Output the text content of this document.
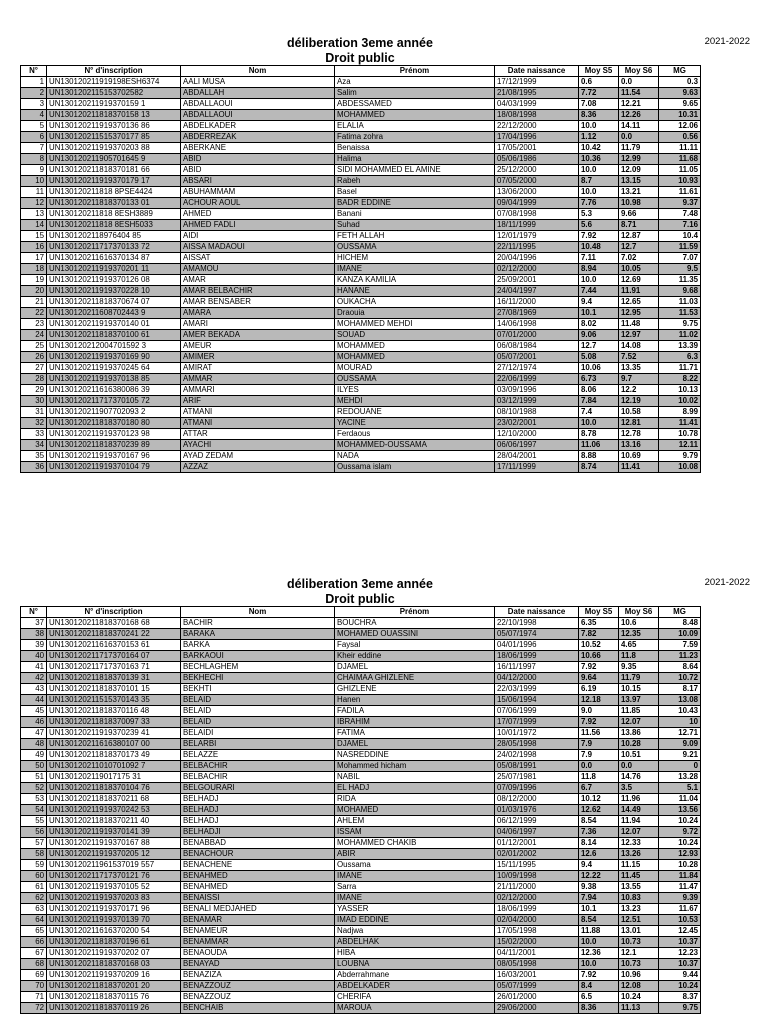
déliberation 3eme année
Droit public
2021-2022
N°	N° d'inscription	Nom	Prénom	Date naissance	Moy S5	Moy S6	MG
1	UN130120211919198ESH6374	AALI MUSA	Aza	17/12/1999	0.6	0.0	0.3
2	UN1301202115153702582	ABDALLAH	Salim	21/08/1995	7.72	11.54	9.63
3	UN130120211919370159 1	ABDALLAOUI	ABDESSAMED	04/03/1999	7.08	12.21	9.65
4	UN130120211818370158 13	ABDALLAOUI	MOHAMMED	18/08/1998	8.36	12.26	10.31
5	UN130120211919370136 86	ABDELKADER	ELALIA	22/12/2000	10.0	14.11	12.06
6	UN130120211515370177 85	ABDERREZAK	Fatima zohra	17/04/1996	1.12	0.0	0.56
7	UN130120211919370203 88	ABERKANE	Benaissa	17/05/2001	10.42	11.79	11.11
8	UN130120211905701645 9	ABID	Halima	05/06/1986	10.36	12.99	11.68
9	UN130120211818370181 66	ABID	SIDI MOHAMMED EL AMINE	25/12/2000	10.0	12.09	11.05
10	UN130120211919370179 17	ABSARI	Rabeh	07/05/2000	8.7	13.15	10.93
11	UN130120211818 8PSE4424	ABUHAMMAM	Basel	13/06/2000	10.0	13.21	11.61
12	UN130120211818370133 01	ACHOUR AOUL	BADR EDDINE	09/04/1999	7.76	10.98	9.37
13	UN130120211818 8ESH3889	AHMED	Banani	07/08/1998	5.3	9.66	7.48
14	UN130120211818 8ESH5033	AHMED FADLI	Suhad	18/11/1999	5.6	8.71	7.16
15	UN1301202118976404 85	AIDI	FETH ALLAH	12/01/1979	7.92	12.87	10.4
16	UN130120211717370133 72	AISSA MADAOUI	OUSSAMA	22/11/1995	10.48	12.7	11.59
17	UN130120211616370134 87	AISSAT	HICHEM	20/04/1996	7.11	7.02	7.07
18	UN130120211919370201 11	AMAMOU	IMANE	02/12/2000	8.94	10.05	9.5
19	UN130120211919370126 08	AMAR	KANZA KAMILIA	25/09/2001	10.0	12.69	11.35
20	UN130120211919370228 10	AMAR BELBACHIR	HANANE	24/04/1997	7.44	11.91	9.68
21	UN130120211818370674 07	AMAR BENSABER	OUKACHA	16/11/2000	9.4	12.65	11.03
22	UN130120211608702443 9	AMARA	Draouia	27/08/1969	10.1	12.95	11.53
23	UN130120211919370140 01	AMARI	MOHAMMED MEHDI	14/06/1998	8.02	11.48	9.75
24	UN130120211818370100 61	AMER BEKADA	SOUAD	07/01/2000	9.06	12.97	11.02
25	UN130120212004701592 3	AMEUR	MOHAMMED	06/08/1984	12.7	14.08	13.39
26	UN130120211919370169 90	AMIMER	MOHAMMED	05/07/2001	5.08	7.52	6.3
27	UN130120211919370245 64	AMIRAT	MOURAD	27/12/1974	10.06	13.35	11.71
28	UN130120211919370138 85	AMMAR	OUSSAMA	22/06/1999	6.73	9.7	8.22
29	UN130120211616380086 39	AMMARI	ILYES	03/09/1996	8.06	12.2	10.13
30	UN130120211717370105 72	ARIF	MEHDI	03/12/1999	7.84	12.19	10.02
31	UN130120211907702093 2	ATMANI	REDOUANE	08/10/1988	7.4	10.58	8.99
32	UN130120211818370180 80	ATMANI	YACINE	23/02/2001	10.0	12.81	11.41
33	UN130120211919370123 98	ATTAR	Ferdaous	12/10/2000	8.78	12.78	10.78
34	UN130120211818370239 89	AYACHI	MOHAMMED-OUSSAMA	06/06/1997	11.06	13.16	12.11
35	UN130120211919370167 96	AYAD ZEDAM	NADA	28/04/2001	8.88	10.69	9.79
36	UN130120211919370104 79	AZZAZ	Oussama islam	17/11/1999	8.74	11.41	10.08
déliberation 3eme année
Droit public
2021-2022
N°	N° d'inscription	Nom	Prénom	Date naissance	Moy S5	Moy S6	MG
37	UN130120211818370168 68	BACHIR	BOUCHRA	22/10/1998	6.35	10.6	8.48
38	UN130120211818370241 22	BARAKA	MOHAMED OUASSINI	05/07/1974	7.82	12.35	10.09
39	UN130120211616370153 61	BARKA	Faysal	04/01/1996	10.52	4.65	7.59
40	UN130120211717370164 07	BARKAOUI	Kheir eddine	18/06/1999	10.66	11.8	11.23
41	UN130120211717370163 71	BECHLAGHEM	DJAMEL	16/11/1997	7.92	9.35	8.64
42	UN130120211818370139 31	BEKHECHI	CHAIMAA GHIZLENE	04/12/2000	9.64	11.79	10.72
43	UN130120211818370101 15	BEKHTI	GHIZLENE	22/03/1999	6.19	10.15	8.17
44	UN130120211515370143 35	BELAID	Hanen	15/06/1994	12.18	13.97	13.08
45	UN130120211818370116 48	BELAID	FADILA	07/06/1999	9.0	11.85	10.43
46	UN130120211818370097 33	BELAID	IBRAHIM	17/07/1999	7.92	12.07	10
47	UN130120211919370239 41	BELAIDI	FATIMA	10/01/1972	11.56	13.86	12.71
48	UN130120211616380107 00	BELARBI	DJAMEL	28/05/1998	7.9	10.28	9.09
49	UN130120211818370173 49	BELAZZE	NASREDDINE	24/02/1998	7.9	10.51	9.21
50	UN130120211010701092 7	BELBACHIR	Mohammed hicham	05/08/1991	0.0	0.0	0
51	UN1301202119017175 31	BELBACHIR	NABIL	25/07/1981	11.8	14.76	13.28
52	UN130120211818370104 76	BELGOURARI	EL HADJ	07/09/1996	6.7	3.5	5.1
53	UN130120211818370211 68	BELHADJ	RIDA	08/12/2000	10.12	11.96	11.04
54	UN130120211919370242 53	BELHADJ	MOHAMED	01/03/1976	12.62	14.49	13.56
55	UN130120211818370211 40	BELHADJ	AHLEM	06/12/1999	8.54	11.94	10.24
56	UN130120211919370141 39	BELHADJI	ISSAM	04/06/1997	7.36	12.07	9.72
57	UN130120211919370167 88	BENABBAD	MOHAMMED CHAKIB	01/12/2001	8.14	12.33	10.24
58	UN130120211919370205 12	BENACHOUR	ABIR	02/01/2002	12.6	13.26	12.93
59	UN130120211961537019 557	BENACHENE	Oussama	15/11/1995	9.4	11.15	10.28
60	UN130120211717370121 76	BENAHMED	IMANE	10/09/1998	12.22	11.45	11.84
61	UN130120211919370105 52	BENAHMED	Sarra	21/11/2000	9.38	13.55	11.47
62	UN130120211919370203 83	BENAISSI	IMANE	02/12/2000	7.94	10.83	9.39
63	UN130120211919370171 96	BENALI MEDJAHED	YASSER	18/06/1999	10.1	13.23	11.67
64	UN130120211919370139 70	BENAMAR	IMAD EDDINE	02/04/2000	8.54	12.51	10.53
65	UN130120211616370200 54	BENAMEUR	Nadjwa	17/05/1998	11.88	13.01	12.45
66	UN130120211818370196 61	BENAMMAR	ABDELHAK	15/02/2000	10.0	10.73	10.37
67	UN130120211919370202 07	BENAOUDA	HIBA	04/11/2001	12.36	12.1	12.23
68	UN130120211818370168 03	BENAYAD	LOUBNA	08/05/1998	10.0	10.73	10.37
69	UN130120211919370209 16	BENAZIZA	Abderrahmane	16/03/2001	7.92	10.96	9.44
70	UN130120211818370201 20	BENAZZOUZ	ABDELKADER	05/07/1999	8.4	12.08	10.24
71	UN130120211818370115 76	BENAZZOUZ	CHERIFA	26/01/2000	6.5	10.24	8.37
72	UN130120211818370119 26	BENCHAIB	MAROUA	29/06/2000	8.36	11.13	9.75
